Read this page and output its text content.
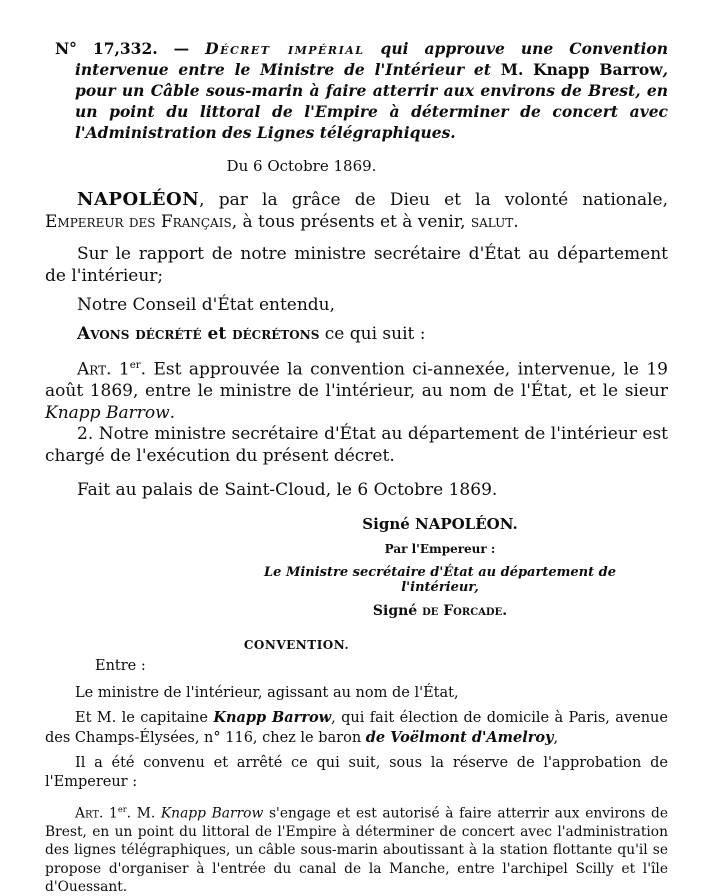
N° 17,332. — Décret impérial qui approuve une Convention intervenue entre le Ministre de l'Intérieur et M. Knapp Barrow, pour un Câble sous-marin à faire atterrir aux environs de Brest, en un point du littoral de l'Empire à déterminer de concert avec l'Administration des Lignes télégraphiques.

Du 6 Octobre 1869.

NAPOLÉON, par la grâce de Dieu et la volonté nationale, Empereur des Français, à tous présents et à venir, salut.

Sur le rapport de notre ministre secrétaire d'État au département de l'intérieur;

Notre Conseil d'État entendu,

Avons décrété et décrétons ce qui suit :

Art. 1er. Est approuvée la convention ci-annexée, intervenue, le 19 août 1869, entre le ministre de l'intérieur, au nom de l'État, et le sieur Knapp Barrow.

2. Notre ministre secrétaire d'État au département de l'intérieur est chargé de l'exécution du présent décret.

Fait au palais de Saint-Cloud, le 6 Octobre 1869.

Signé NAPOLÉON.

Par l'Empereur :

Le Ministre secrétaire d'État au département de l'intérieur,

Signé de Forcade.

CONVENTION.

Entre :

Le ministre de l'intérieur, agissant au nom de l'État,

Et M. le capitaine Knapp Barrow, qui fait élection de domicile à Paris, avenue des Champs-Élysées, n° 116, chez le baron de Voëlmont d'Amelroy,

Il a été convenu et arrêté ce qui suit, sous la réserve de l'approbation de l'Empereur :

Art. 1er. M. Knapp Barrow s'engage et est autorisé à faire atterrir aux environs de Brest, en un point du littoral de l'Empire à déterminer de concert avec l'administration des lignes télégraphiques, un câble sous-marin aboutissant à la station flottante qu'il se propose d'organiser à l'entrée du canal de la Manche, entre l'archipel Scilly et l'île d'Ouessant.
